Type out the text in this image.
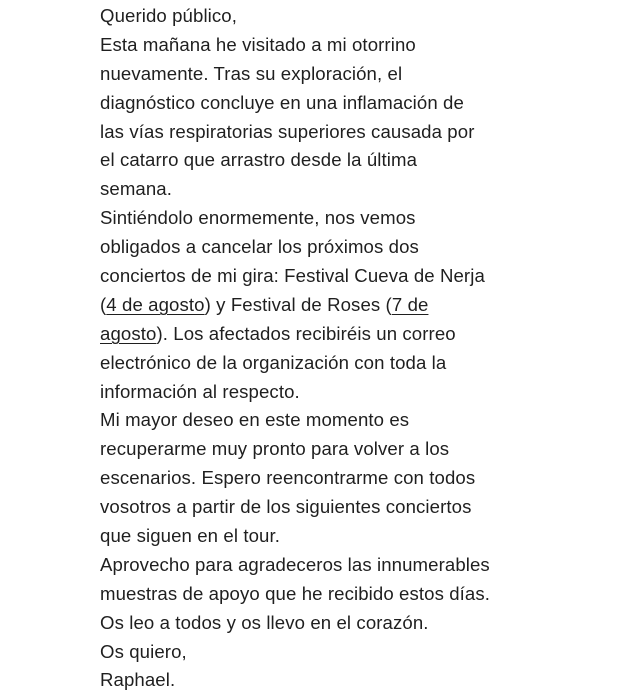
Querido público,
Esta mañana he visitado a mi otorrino
nuevamente. Tras su exploración, el
diagnóstico concluye en una inflamación de
las vías respiratorias superiores causada por
el catarro que arrastro desde la última
semana.
Sintiéndolo enormemente, nos vemos
obligados a cancelar los próximos dos
conciertos de mi gira: Festival Cueva de Nerja
(4 de agosto) y Festival de Roses (7 de
agosto). Los afectados recibiréis un correo
electrónico de la organización con toda la
información al respecto.
Mi mayor deseo en este momento es
recuperarme muy pronto para volver a los
escenarios. Espero reencontrarme con todos
vosotros a partir de los siguientes conciertos
que siguen en el tour.
Aprovecho para agradeceros las innumerables
muestras de apoyo que he recibido estos días.
Os leo a todos y os llevo en el corazón.
Os quiero,
Raphael.
